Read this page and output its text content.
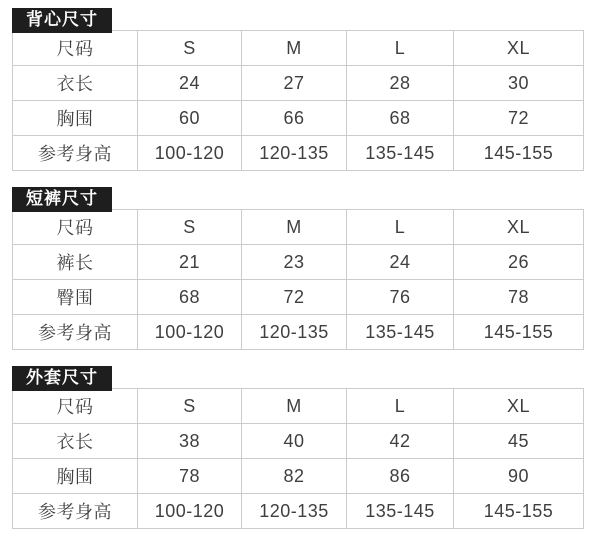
背心尺寸
尺码	S	M	L	XL
衣长	24	27	28	30
胸围	60	66	68	72
参考身高	100-120	120-135	135-145	145-155
短裤尺寸
尺码	S	M	L	XL
裤长	21	23	24	26
臀围	68	72	76	78
参考身高	100-120	120-135	135-145	145-155
外套尺寸
尺码	S	M	L	XL
衣长	38	40	42	45
胸围	78	82	86	90
参考身高	100-120	120-135	135-145	145-155
